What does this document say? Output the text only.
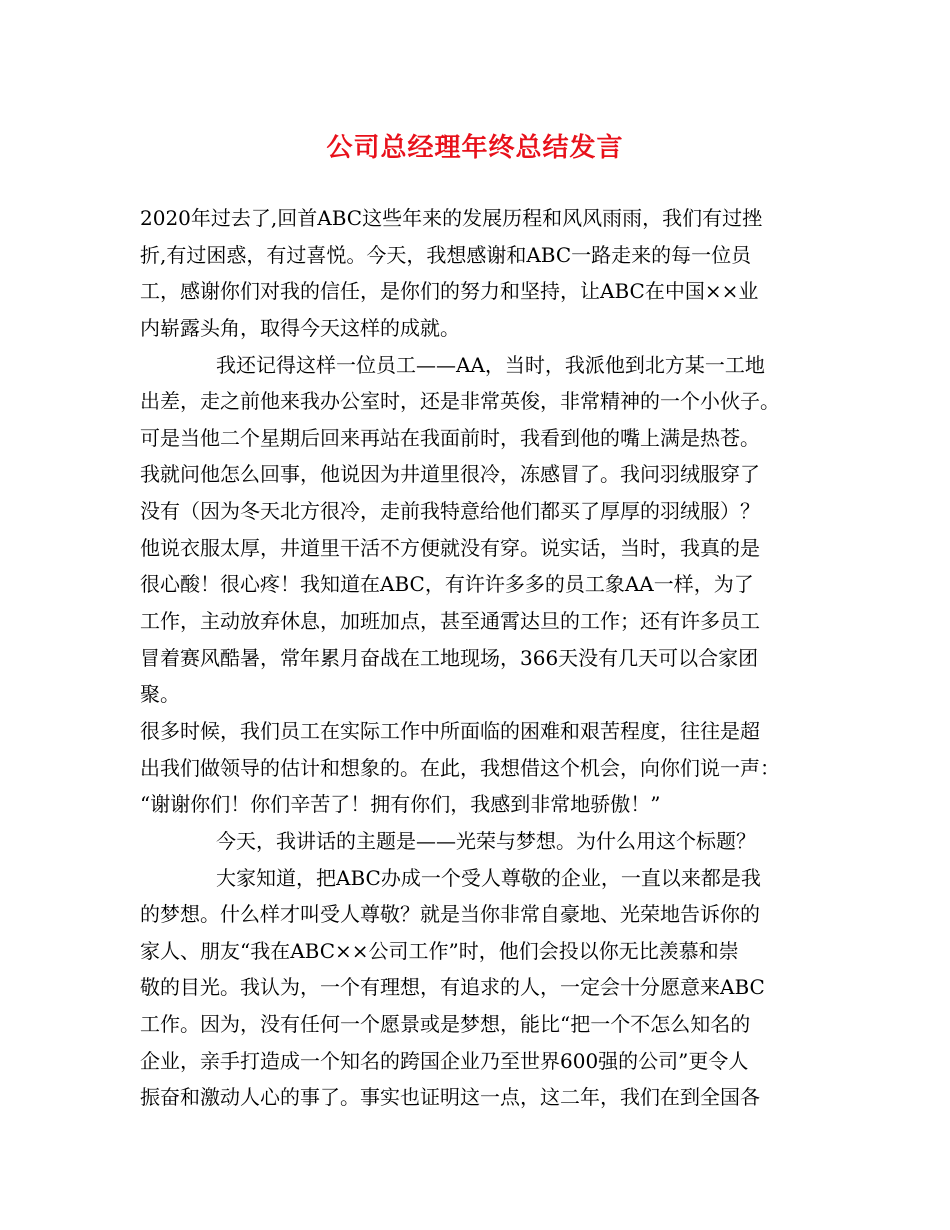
公司总经理年终总结发言
2020年过去了,回首ABC这些年来的发展历程和风风雨雨，我们有过挫
折,有过困惑，有过喜悦。今天，我想感谢和ABC一路走来的每一位员
工，感谢你们对我的信任，是你们的努力和坚持，让ABC在中国××业
内崭露头角，取得今天这样的成就。
我还记得这样一位员工——AA，当时，我派他到北方某一工地
出差，走之前他来我办公室时，还是非常英俊，非常精神的一个小伙子。
可是当他二个星期后回来再站在我面前时，我看到他的嘴上满是热苍。
我就问他怎么回事，他说因为井道里很冷，冻感冒了。我问羽绒服穿了
没有（因为冬天北方很冷，走前我特意给他们都买了厚厚的羽绒服）？
他说衣服太厚，井道里干活不方便就没有穿。说实话，当时，我真的是
很心酸！很心疼！我知道在ABC，有许许多多的员工象AA一样，为了
工作，主动放弃休息，加班加点，甚至通霄达旦的工作；还有许多员工
冒着赛风酷暑，常年累月奋战在工地现场，366天没有几天可以合家团
聚。
很多时候，我们员工在实际工作中所面临的困难和艰苦程度，往往是超
出我们做领导的估计和想象的。在此，我想借这个机会，向你们说一声：
“谢谢你们！你们辛苦了！拥有你们，我感到非常地骄傲！”
今天，我讲话的主题是——光荣与梦想。为什么用这个标题？
大家知道，把ABC办成一个受人尊敬的企业，一直以来都是我
的梦想。什么样才叫受人尊敬？就是当你非常自豪地、光荣地告诉你的
家人、朋友“我在ABC××公司工作”时，他们会投以你无比羡慕和崇
敬的目光。我认为，一个有理想，有追求的人，一定会十分愿意来ABC
工作。因为，没有任何一个愿景或是梦想，能比“把一个不怎么知名的
企业，亲手打造成一个知名的跨国企业乃至世界600强的公司”更令人
振奋和激动人心的事了。事实也证明这一点，这二年，我们在到全国各
